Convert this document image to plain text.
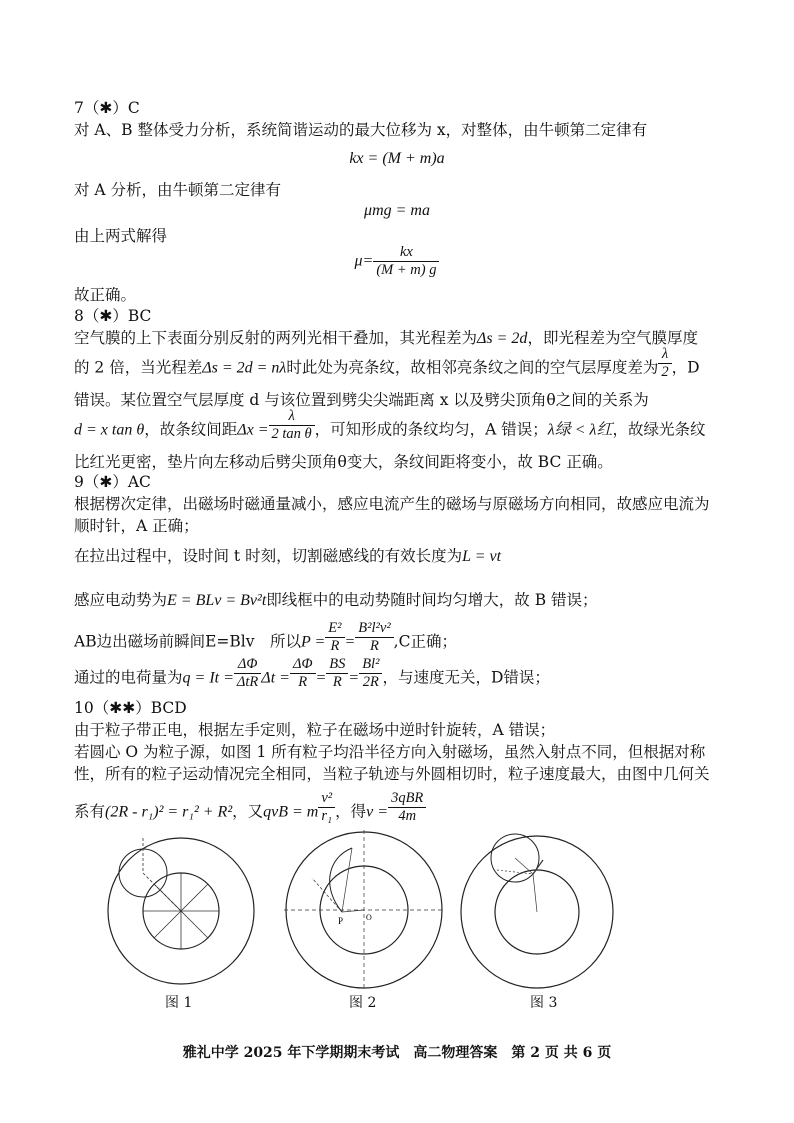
7（✱）C
对 A、B 整体受力分析，系统简谐运动的最大位移为 x，对整体，由牛顿第二定律有
kx = (M + m)a
对 A 分析，由牛顿第二定律有
μmg = ma
由上两式解得
$\mu= \frac{kx}{(M + m) g}$
故正确。
8（✱）BC
空气膜的上下表面分别反射的两列光相干叠加，其光程差为Δs = 2d，即光程差为空气膜厚度
的 2 倍，当光程差Δs = 2d = nλ时此处为亮条纹，故相邻亮条纹之间的空气层厚度差为 $\frac{\lambda}{2}$ ，D
错误。某位置空气层厚度 d 与该位置到劈尖尖端距离 x 以及劈尖顶角θ之间的关系为
d = x tan θ，故条纹间距$\Delta x = \frac{\lambda}{\text{2 tan θ}}$ ，可知形成的条纹均匀，A 错误；λ绿 < λ红，故绿光条纹
比红光更密，垫片向左移动后劈尖顶角θ变大，条纹间距将变小，故 BC 正确。
9（✱）AC
根据楞次定律，出磁场时磁通量减小，感应电流产生的磁场与原磁场方向相同，故感应电流为
顺时针，A 正确；
在拉出过程中，设时间 t 时刻，切割磁感线的有效长度为L = vt
感应电动势为E = BLv = Bv²t即线框中的电动势随时间均匀增大，故 B 错误；
AB边出磁场前瞬间E=Blv　所以$P = \frac{\text{E²}}{R} = \frac{\text{B²l²v²}}{R} ,C$正确；
通过的电荷量为$q = It = \frac{\Delta\Phi}{\text{ΔtR}}$ $\Delta t = \frac{\Delta\Phi}{R} = \frac{BS}{R} = \frac{\text{Bl²}}{2R}$ ，与速度无关，D错误；
10（✱✱）BCD
由于粒子带正电，根据左手定则，粒子在磁场中逆时针旋转，A 错误；
若圆心 O 为粒子源，如图 1 所有粒子均沿半径方向入射磁场，虽然入射点不同，但根据对称
性，所有的粒子运动情况完全相同，当粒子轨迹与外圆相切时，粒子速度最大，由图中几何关
系有(2R - r₁)² = r₁² + R²，又qvB = m $\frac{\text{v²}}{\text{r₁}}$ ，得$v = \frac{\text{3qBR}}{4m}$
图 1
P	O
图 2	图 3
雅礼中学 2025 年下学期期末考试　高二物理答案　第 2 页 共 6 页
